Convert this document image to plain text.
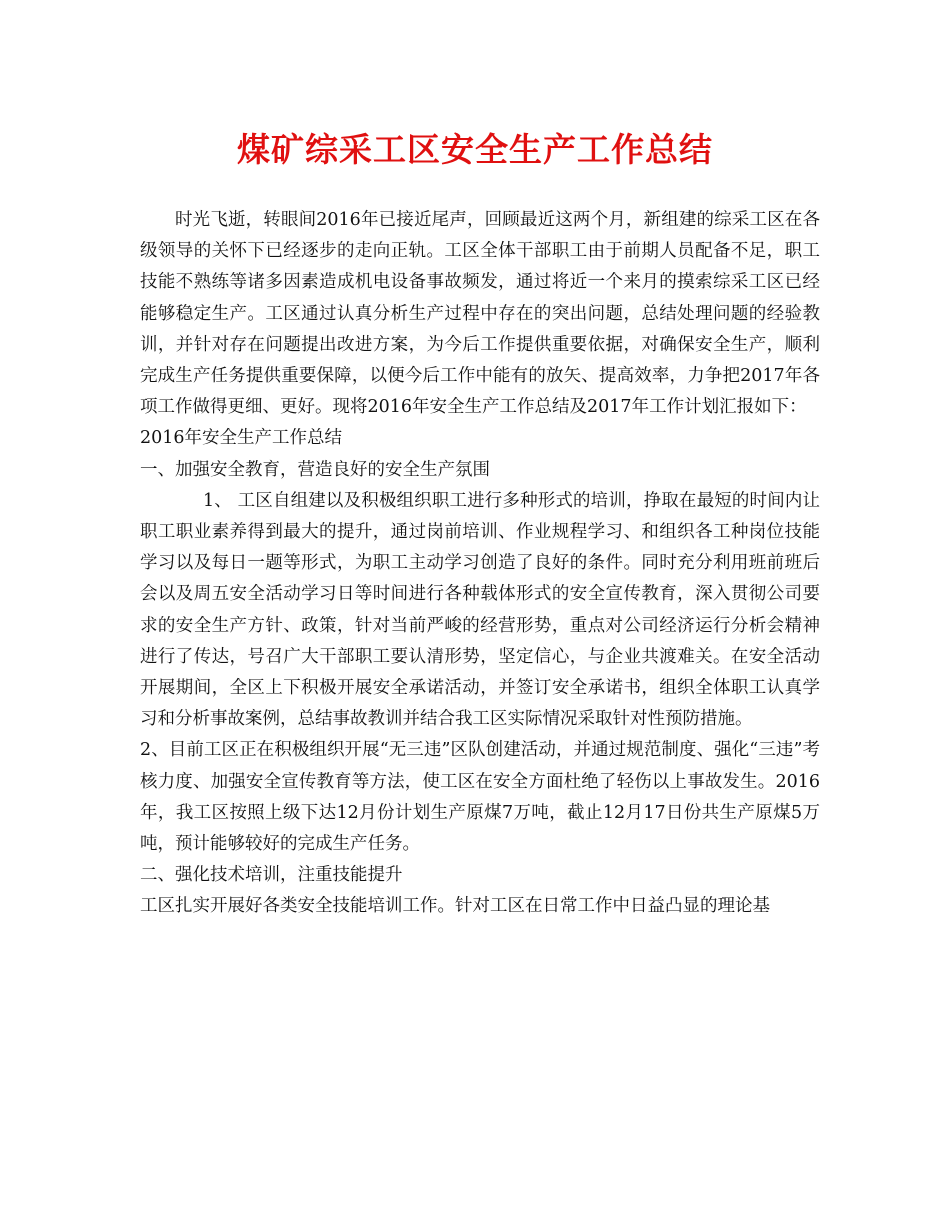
煤矿综采工区安全生产工作总结

时光飞逝，转眼间2016年已接近尾声，回顾最近这两个月，新组建的综采工区在各级领导的关怀下已经逐步的走向正轨。工区全体干部职工由于前期人员配备不足，职工技能不熟练等诸多因素造成机电设备事故频发，通过将近一个来月的摸索综采工区已经能够稳定生产。工区通过认真分析生产过程中存在的突出问题，总结处理问题的经验教训，并针对存在问题提出改进方案，为今后工作提供重要依据，对确保安全生产，顺利完成生产任务提供重要保障，以便今后工作中能有的放矢、提高效率，力争把2017年各项工作做得更细、更好。现将2016年安全生产工作总结及2017年工作计划汇报如下：

2016年安全生产工作总结

一、加强安全教育，营造良好的安全生产氛围

1、 工区自组建以及积极组织职工进行多种形式的培训，挣取在最短的时间内让职工职业素养得到最大的提升，通过岗前培训、作业规程学习、和组织各工种岗位技能学习以及每日一题等形式，为职工主动学习创造了良好的条件。同时充分利用班前班后会以及周五安全活动学习日等时间进行各种载体形式的安全宣传教育，深入贯彻公司要求的安全生产方针、政策，针对当前严峻的经营形势，重点对公司经济运行分析会精神进行了传达，号召广大干部职工要认清形势，坚定信心，与企业共渡难关。在安全活动开展期间，全区上下积极开展安全承诺活动，并签订安全承诺书，组织全体职工认真学习和分析事故案例，总结事故教训并结合我工区实际情况采取针对性预防措施。

2、目前工区正在积极组织开展“无三违”区队创建活动，并通过规范制度、强化“三违”考核力度、加强安全宣传教育等方法，使工区在安全方面杜绝了轻伤以上事故发生。2016年，我工区按照上级下达12月份计划生产原煤7万吨，截止12月17日份共生产原煤5万吨，预计能够较好的完成生产任务。

二、强化技术培训，注重技能提升

工区扎实开展好各类安全技能培训工作。针对工区在日常工作中日益凸显的理论基
